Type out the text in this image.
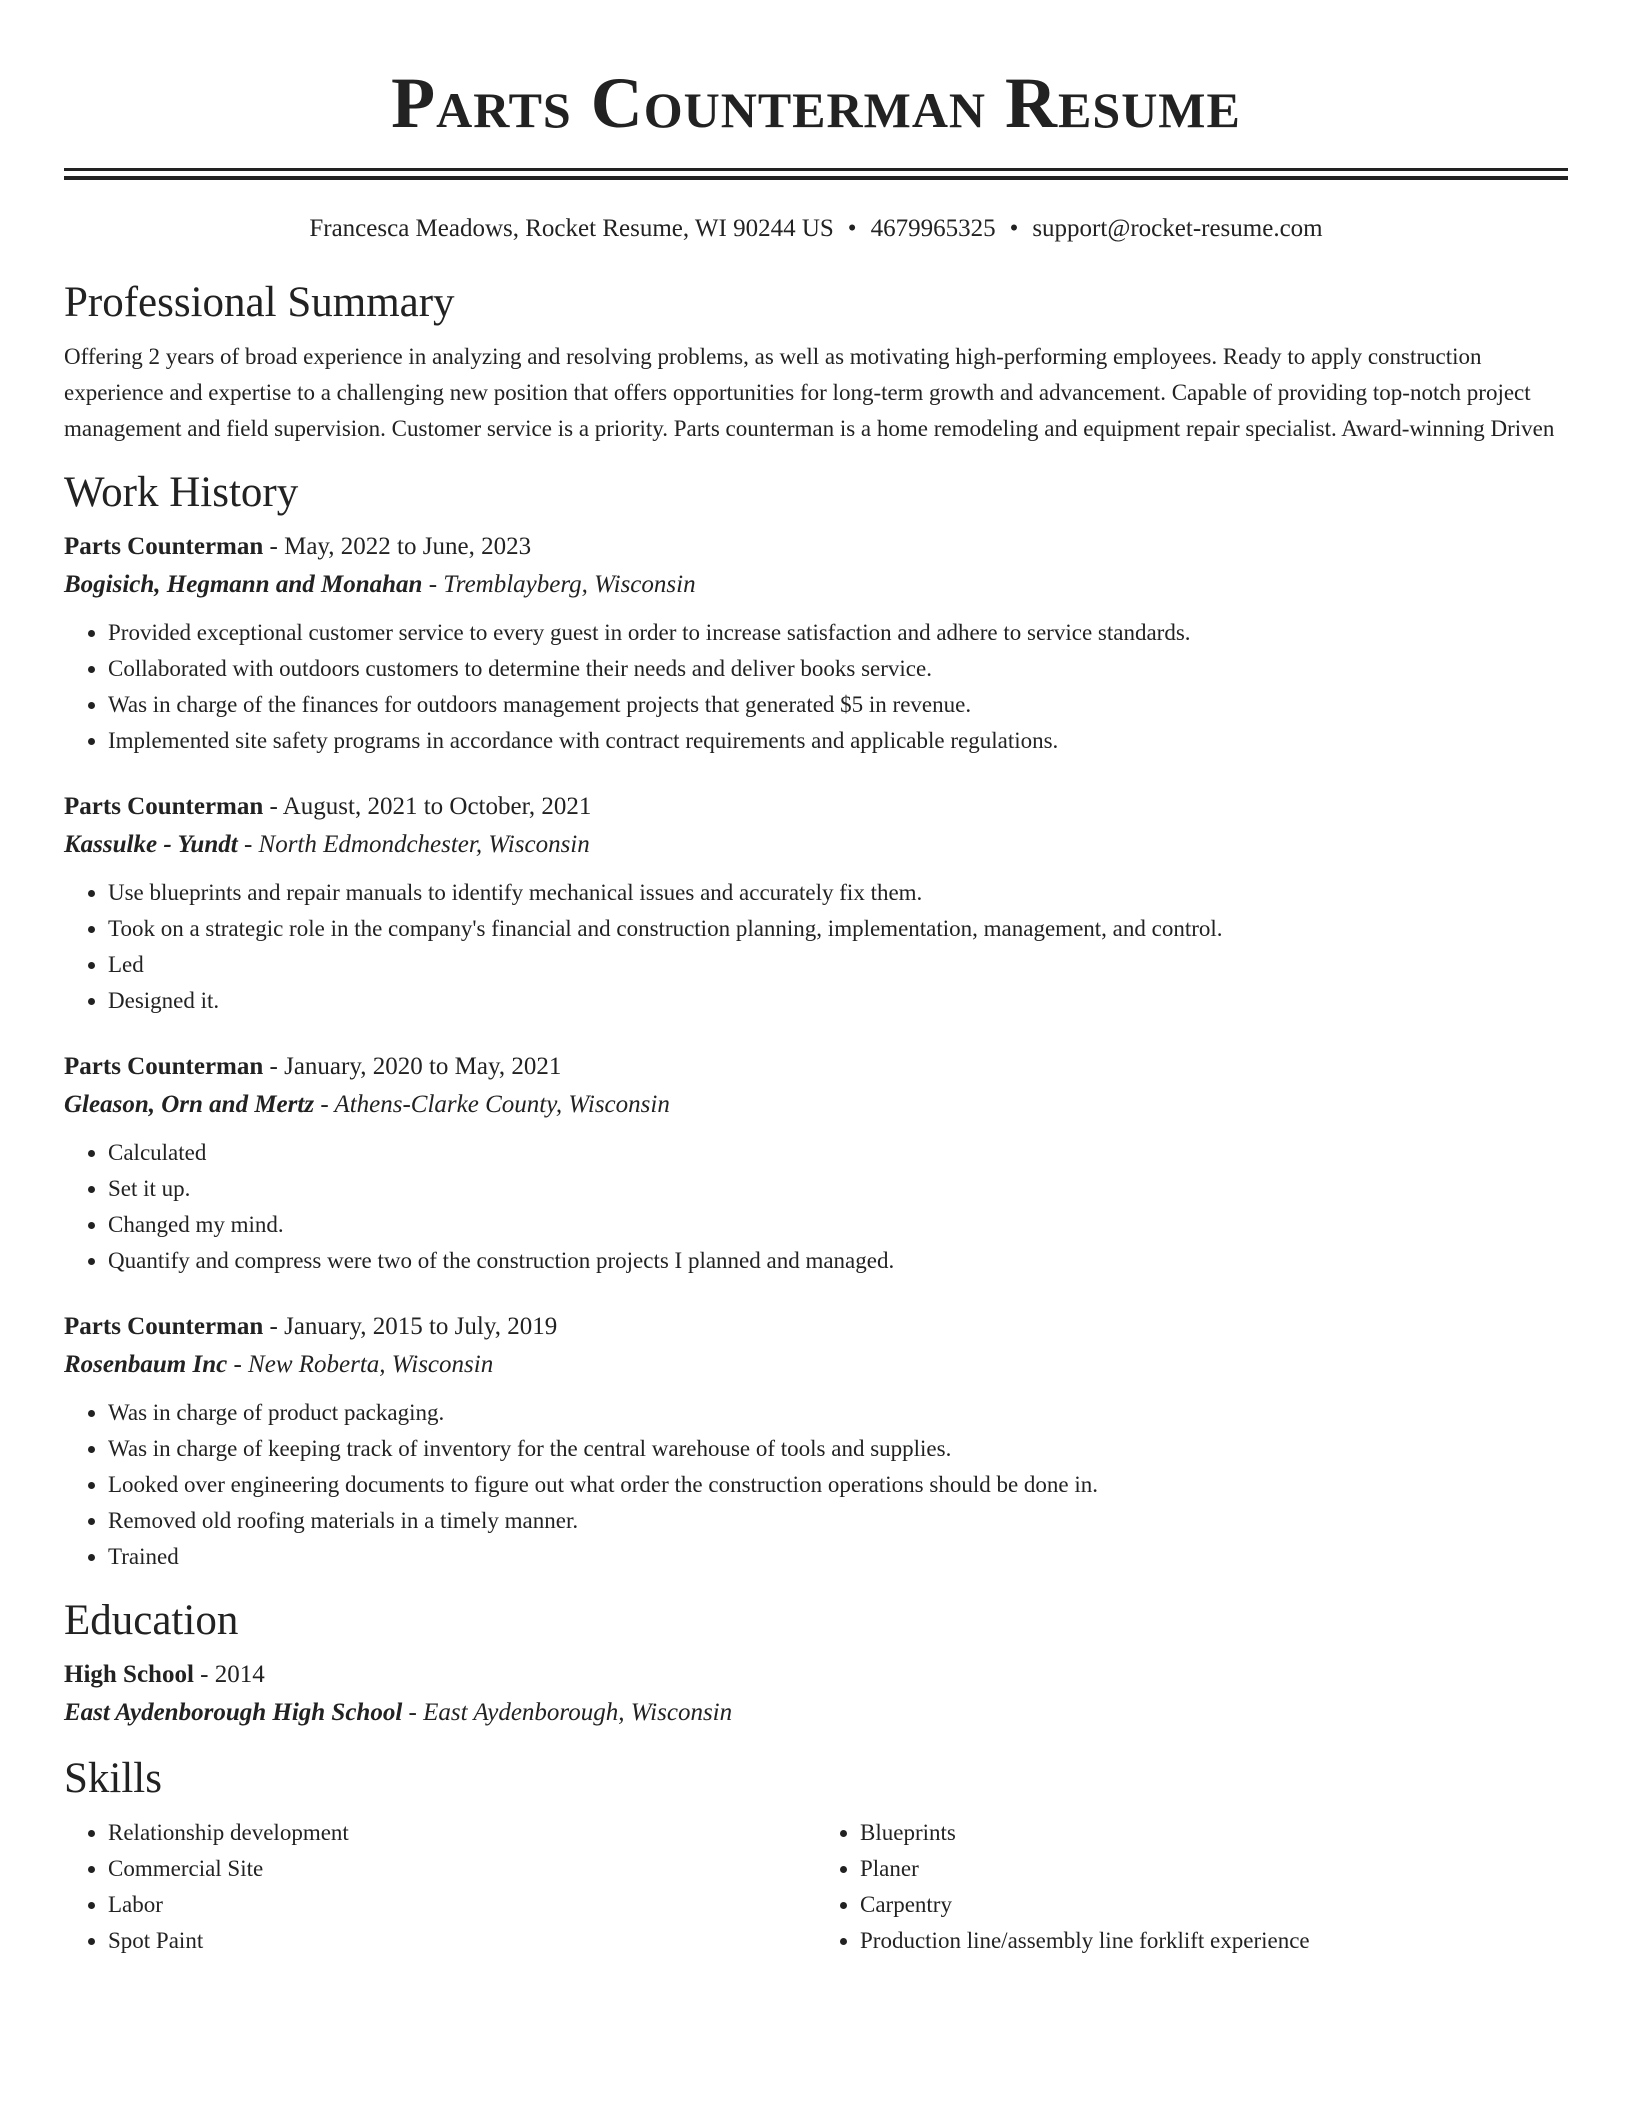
Parts Counterman Resume
Francesca Meadows, Rocket Resume, WI 90244 US • 4679965325 • support@rocket-resume.com
Professional Summary

Offering 2 years of broad experience in analyzing and resolving problems, as well as motivating high-performing employees. Ready to apply construction experience and expertise to a challenging new position that offers opportunities for long-term growth and advancement. Capable of providing top-notch project management and field supervision. Customer service is a priority. Parts counterman is a home remodeling and equipment repair specialist. Award-winning Driven

Work History

Parts Counterman - May, 2022 to June, 2023

Bogisich, Hegmann and Monahan - Tremblayberg, Wisconsin

• Provided exceptional customer service to every guest in order to increase satisfaction and adhere to service standards.
• Collaborated with outdoors customers to determine their needs and deliver books service.
• Was in charge of the finances for outdoors management projects that generated $5 in revenue.
• Implemented site safety programs in accordance with contract requirements and applicable regulations.

Parts Counterman - August, 2021 to October, 2021

Kassulke - Yundt - North Edmondchester, Wisconsin

• Use blueprints and repair manuals to identify mechanical issues and accurately fix them.
• Took on a strategic role in the company's financial and construction planning, implementation, management, and control.
• Led
• Designed it.

Parts Counterman - January, 2020 to May, 2021

Gleason, Orn and Mertz - Athens-Clarke County, Wisconsin

• Calculated
• Set it up.
• Changed my mind.
• Quantify and compress were two of the construction projects I planned and managed.

Parts Counterman - January, 2015 to July, 2019

Rosenbaum Inc - New Roberta, Wisconsin

• Was in charge of product packaging.
• Was in charge of keeping track of inventory for the central warehouse of tools and supplies.
• Looked over engineering documents to figure out what order the construction operations should be done in.
• Removed old roofing materials in a timely manner.
• Trained
Education

High School - 2014

East Aydenborough High School - East Aydenborough, Wisconsin

Skills
• Relationship development
• Commercial Site
• Labor
• Spot Paint
• Blueprints
• Planer
• Carpentry
• Production line/assembly line forklift experience
